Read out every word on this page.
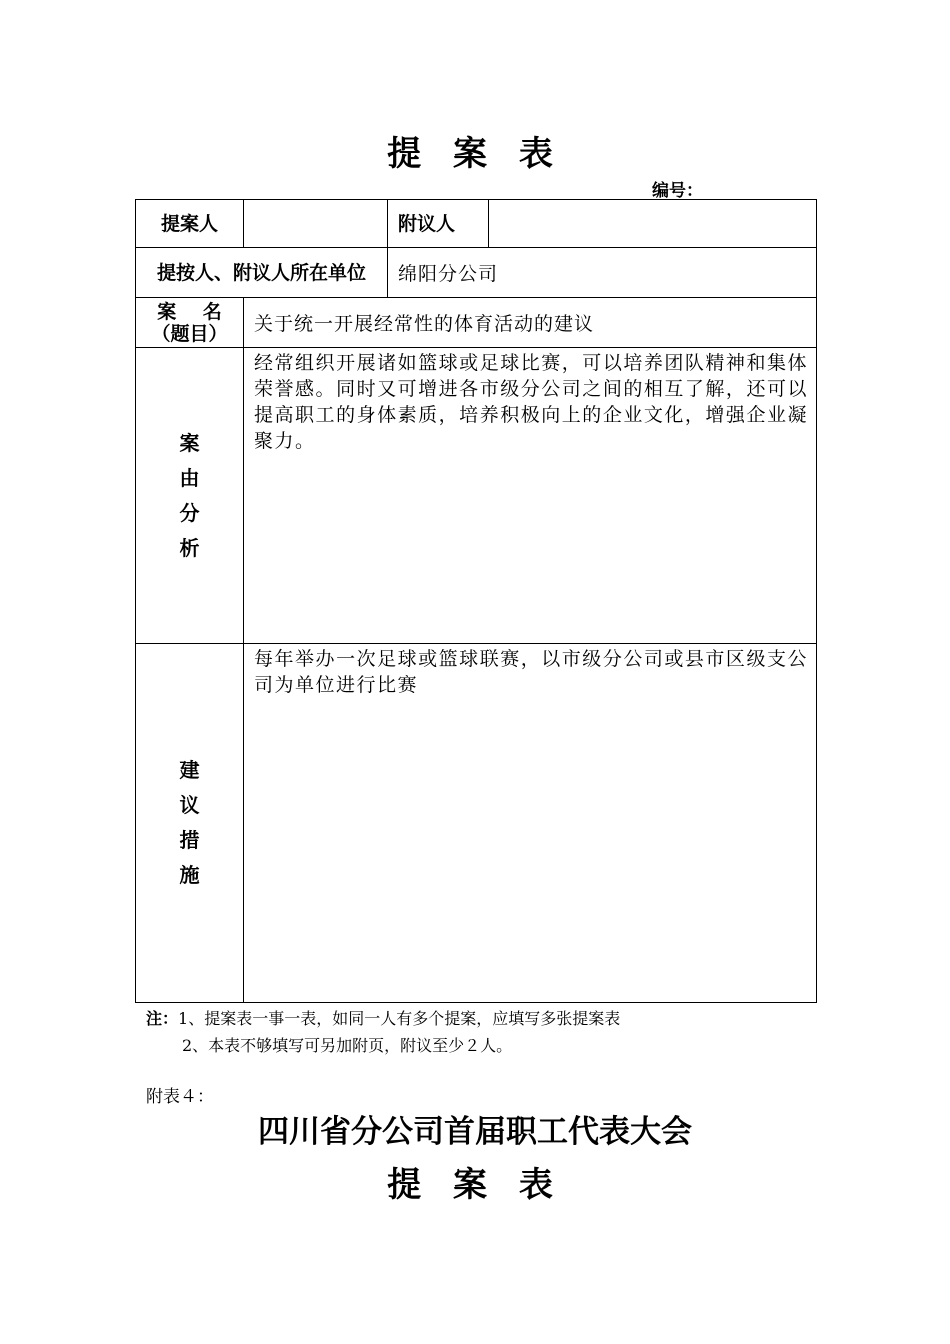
提 案 表
编号：
提案人		附议人	
提按人、附议人所在单位		绵阳分公司	

案    名
（题目）	关于统一开展经常性的体育活动的建议		

案
由
分
析	经常组织开展诸如篮球或足球比赛，可以培养团队精神和集体荣誉感。同时又可增进各市级分公司之间的相互了解，还可以提高职工的身体素质，培养积极向上的企业文化，增强企业凝聚力。		

建
议
措
施	每年举办一次足球或篮球联赛，以市级分公司或县市区级支公司为单位进行比赛		
注：1、提案表一事一表，如同一人有多个提案，应填写多张提案表
2、本表不够填写可另加附页，附议至少２人。
附表４：
四川省分公司首届职工代表大会
提 案 表
